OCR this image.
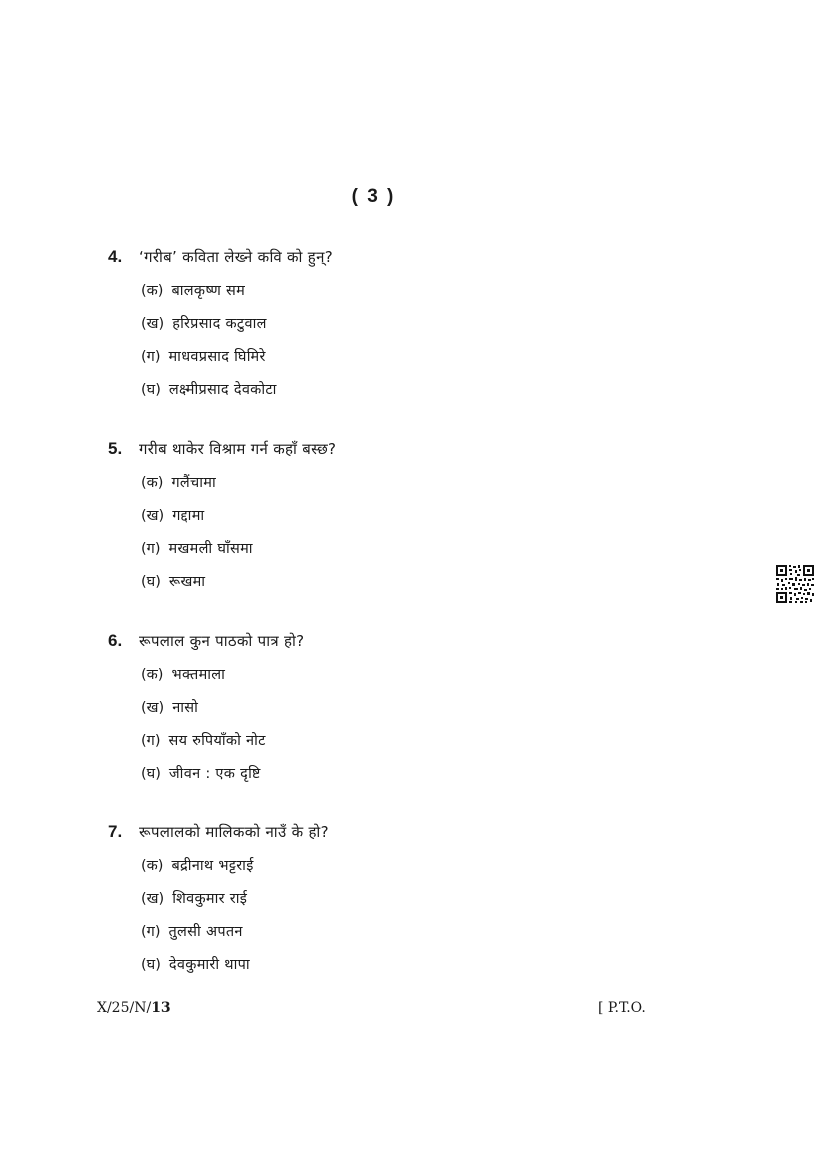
( 3 )
4.	‘गरीब’ कविता लेख्ने कवि को हुन्?
(क) बालकृष्ण सम
(ख) हरिप्रसाद कटुवाल
(ग) माधवप्रसाद घिमिरे
(घ) लक्ष्मीप्रसाद देवकोटा
5.	गरीब थाकेर विश्राम गर्न कहाँ बस्छ?
(क) गलैंचामा
(ख) गद्दामा
(ग) मखमली घाँसमा
(घ) रूखमा
6.	रूपलाल कुन पाठको पात्र हो?
(क) भक्तमाला
(ख) नासो
(ग) सय रुपियाँको नोट
(घ) जीवन : एक दृष्टि
7.	रूपलालको मालिकको नाउँ के हो?
(क) बद्रीनाथ भट्टराई
(ख) शिवकुमार राई
(ग) तुलसी अपतन
(घ) देवकुमारी थापा
X/25/N/13	[ P.T.O.
